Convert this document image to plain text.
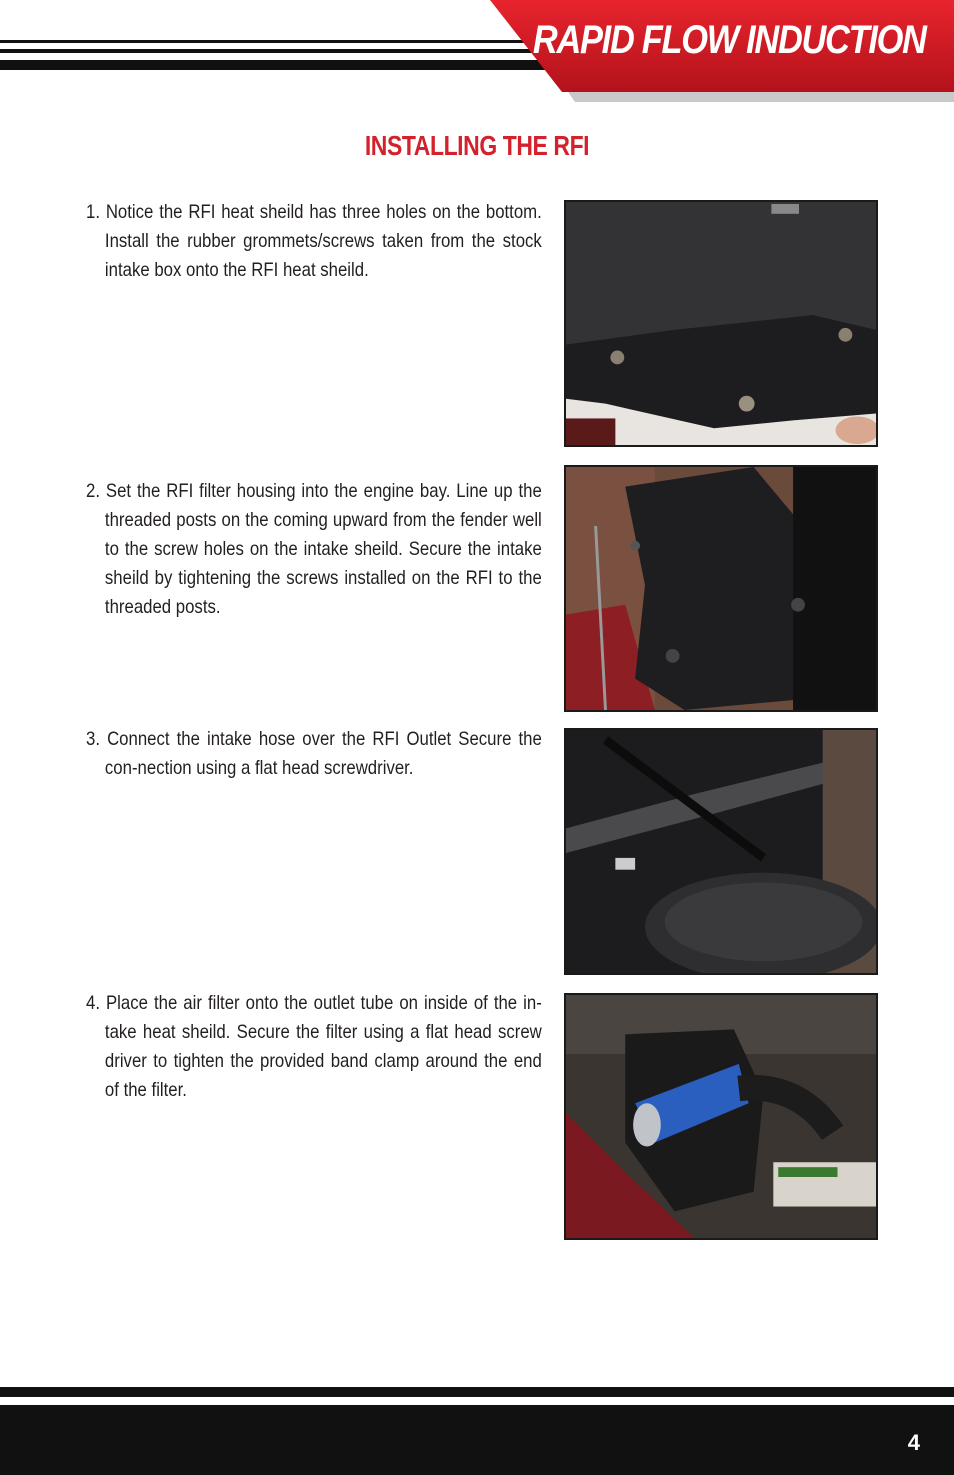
RAPID FLOW INDUCTION
INSTALLING THE RFI
1. Notice the RFI heat sheild has three holes on the bottom. Install the rubber grommets/screws taken from the stock intake box onto the RFI heat sheild.
2. Set the RFI filter housing into the engine bay. Line up the threaded posts on the coming upward from the fender well to the screw holes on the intake sheild. Secure the intake sheild by tightening the screws installed on the RFI to the threaded posts.
3. Connect the intake hose over the RFI Outlet Secure the con-nection using a flat head screwdriver.
4. Place the air filter onto the outlet tube on inside of the in-take heat sheild. Secure the filter using a flat head screw driver to tighten the provided band clamp around the end of the filter.
4
